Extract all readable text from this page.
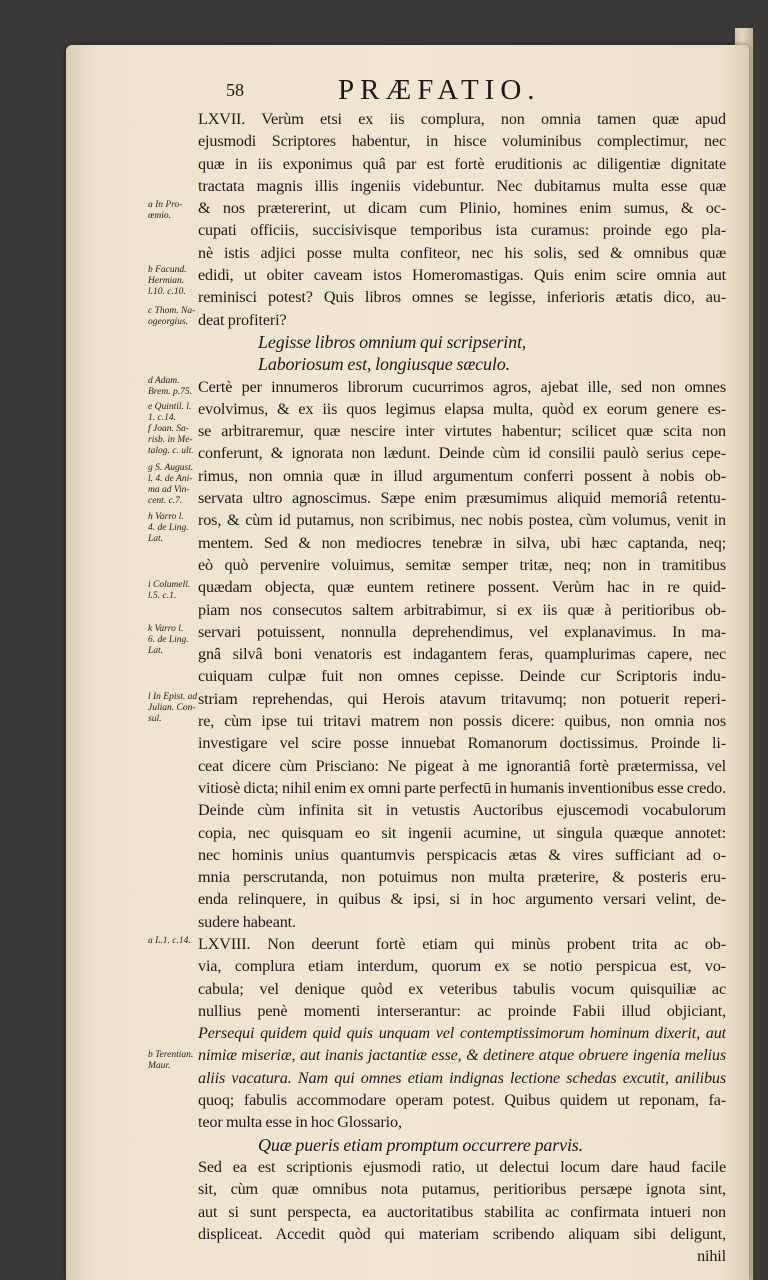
58	PRÆFATIO.
LXVII. Verùm etsi ex iis complura, non omnia tamen quæ apud
ejusmodi Scriptores habentur, in hisce voluminibus complectimur, nec
quæ in iis exponimus quâ par est fortè eruditionis ac diligentiæ dignitate
tractata magnis illis ingeniis videbuntur. Nec dubitamus multa esse quæ
& nos prætererint, ut dicam cum Plinio, homines enim sumus, & oc-
cupati officiis, succisivisque temporibus ista curamus: proinde ego pla-
nè istis adjici posse multa confiteor, nec his solis, sed & omnibus quæ
edidi, ut obiter caveam istos Homeromastigas. Quis enim scire omnia aut
reminisci potest? Quis libros omnes se legisse, inferioris ætatis dico, au-
deat profiteri?
Legisse libros omnium qui scripserint,
Laboriosum est, longiusque sæculo.
Certè per innumeros librorum cucurrimos agros, ajebat ille, sed non omnes
evolvimus, & ex iis quos legimus elapsa multa, quòd ex eorum genere es-
se arbitraremur, quæ nescire inter virtutes habentur; scilicet quæ scita non
conferunt, & ignorata non lædunt. Deinde cùm id consilii paulò serius cepe-
rimus, non omnia quæ in illud argumentum conferri possent à nobis ob-
servata ultro agnoscimus. Sæpe enim præsumimus aliquid memoriâ retentu-
ros, & cùm id putamus, non scribimus, nec nobis postea, cùm volumus, venit in
mentem. Sed & non mediocres tenebræ in silva, ubi hæc captanda, neq;
eò quò pervenire voluimus, semitæ semper tritæ, neq; non in tramitibus
quædam objecta, quæ euntem retinere possent. Verùm hac in re quid-
piam nos consecutos saltem arbitrabimur, si ex iis quæ à peritioribus ob-
servari potuissent, nonnulla deprehendimus, vel explanavimus. In ma-
gnâ silvâ boni venatoris est indagantem feras, quamplurimas capere, nec
cuiquam culpæ fuit non omnes cepisse. Deinde cur Scriptoris indu-
striam reprehendas, qui Herois atavum tritavumq; non potuerit reperi-
re, cùm ipse tui tritavi matrem non possis dicere: quibus, non omnia nos
investigare vel scire posse innuebat Romanorum doctissimus. Proinde li-
ceat dicere cùm Prisciano: Ne pigeat à me ignorantiâ fortè prætermissa, vel
vitiosè dicta; nihil enim ex omni parte perfectū in humanis inventionibus esse credo.
Deinde cùm infinita sit in vetustis Auctoribus ejuscemodi vocabulorum
copia, nec quisquam eo sit ingenii acumine, ut singula quæque annotet:
nec hominis unius quantumvis perspicacis ætas & vires sufficiant ad o-
mnia perscrutanda, non potuimus non multa præterire, & posteris eru-
enda relinquere, in quibus & ipsi, si in hoc argumento versari velint, de-
sudere habeant.
LXVIII. Non deerunt fortè etiam qui minùs probent trita ac ob-
via, complura etiam interdum, quorum ex se notio perspicua est, vo-
cabula; vel denique quòd ex veteribus tabulis vocum quisquiliæ ac
nullius penè momenti interserantur: ac proinde Fabii illud objiciant,
Persequi quidem quid quis unquam vel contemptissimorum hominum dixerit, aut
nimiæ miseriæ, aut inanis jactantiæ esse, & detinere atque obruere ingenia melius
aliis vacatura. Nam qui omnes etiam indignas lectione schedas excutit, anilibus
quoq; fabulis accommodare operam potest. Quibus quidem ut reponam, fa-
teor multa esse in hoc Glossario,
Quæ pueris etiam promptum occurrere parvis.
Sed ea est scriptionis ejusmodi ratio, ut delectui locum dare haud facile
sit, cùm quæ omnibus nota putamus, peritioribus persæpe ignota sint,
aut si sunt perspecta, ea auctoritatibus stabilita ac confirmata intueri non
displiceat. Accedit quòd qui materiam scribendo aliquam sibi deligunt,
nihil
a In Pro-
œmio.
b Facund.
Hermian.
l.10. c.10.
c Thom. Na-
ogeorgius.
d Adam.
Brem. p.75.
e Quintil. l.
1. c.14.
f Joan. Sa-
risb. in Me-
talog. c. ult.
g S. August.
l. 4. de Ani-
ma ad Vin-
cent. c.7.
h Varro l.
4. de Ling.
Lat.
i Columell.
l.5. c.1.
k Varro l.
6. de Ling.
Lat.
l In Epist. ad
Julian. Con-
sul.
a L.1. c.14.
b Terentian.
Maur.
